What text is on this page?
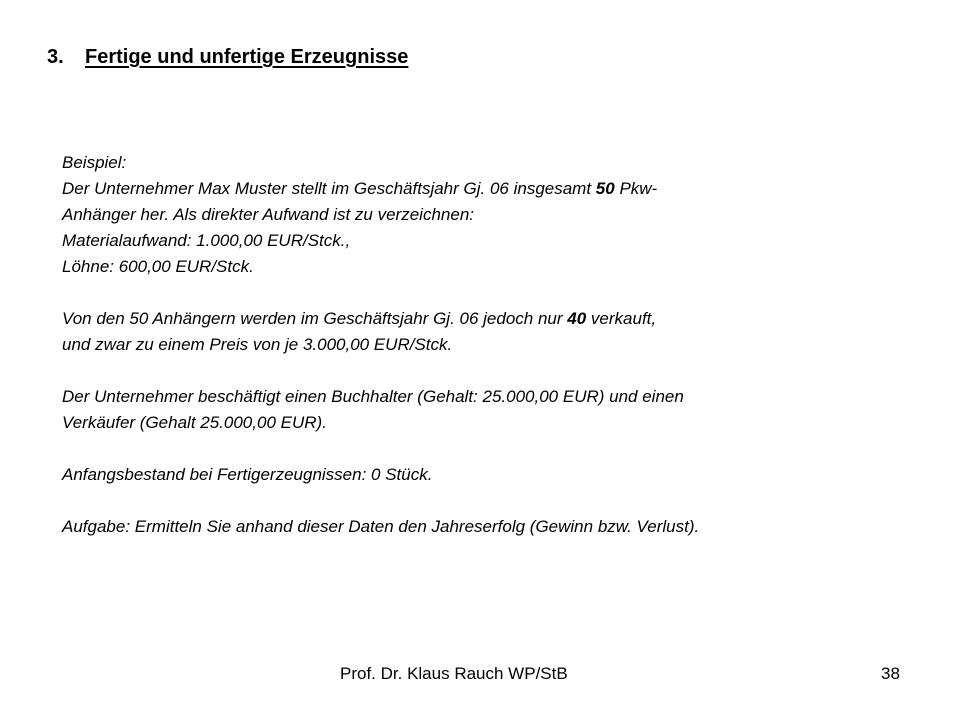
3. Fertige und unfertige Erzeugnisse

Beispiel:

Der Unternehmer Max Muster stellt im Geschäftsjahr Gj. 06 insgesamt 50 Pkw-

Anhänger her. Als direkter Aufwand ist zu verzeichnen:

Materialaufwand: 1.000,00 EUR/Stck.,

Löhne: 600,00 EUR/Stck.

Von den 50 Anhängern werden im Geschäftsjahr Gj. 06 jedoch nur 40 verkauft,

und zwar zu einem Preis von je 3.000,00 EUR/Stck.

Der Unternehmer beschäftigt einen Buchhalter (Gehalt: 25.000,00 EUR) und einen

Verkäufer (Gehalt 25.000,00 EUR).

Anfangsbestand bei Fertigerzeugnissen: 0 Stück.

Aufgabe: Ermitteln Sie anhand dieser Daten den Jahreserfolg (Gewinn bzw. Verlust).

Prof. Dr. Klaus Rauch WP/StB	38
